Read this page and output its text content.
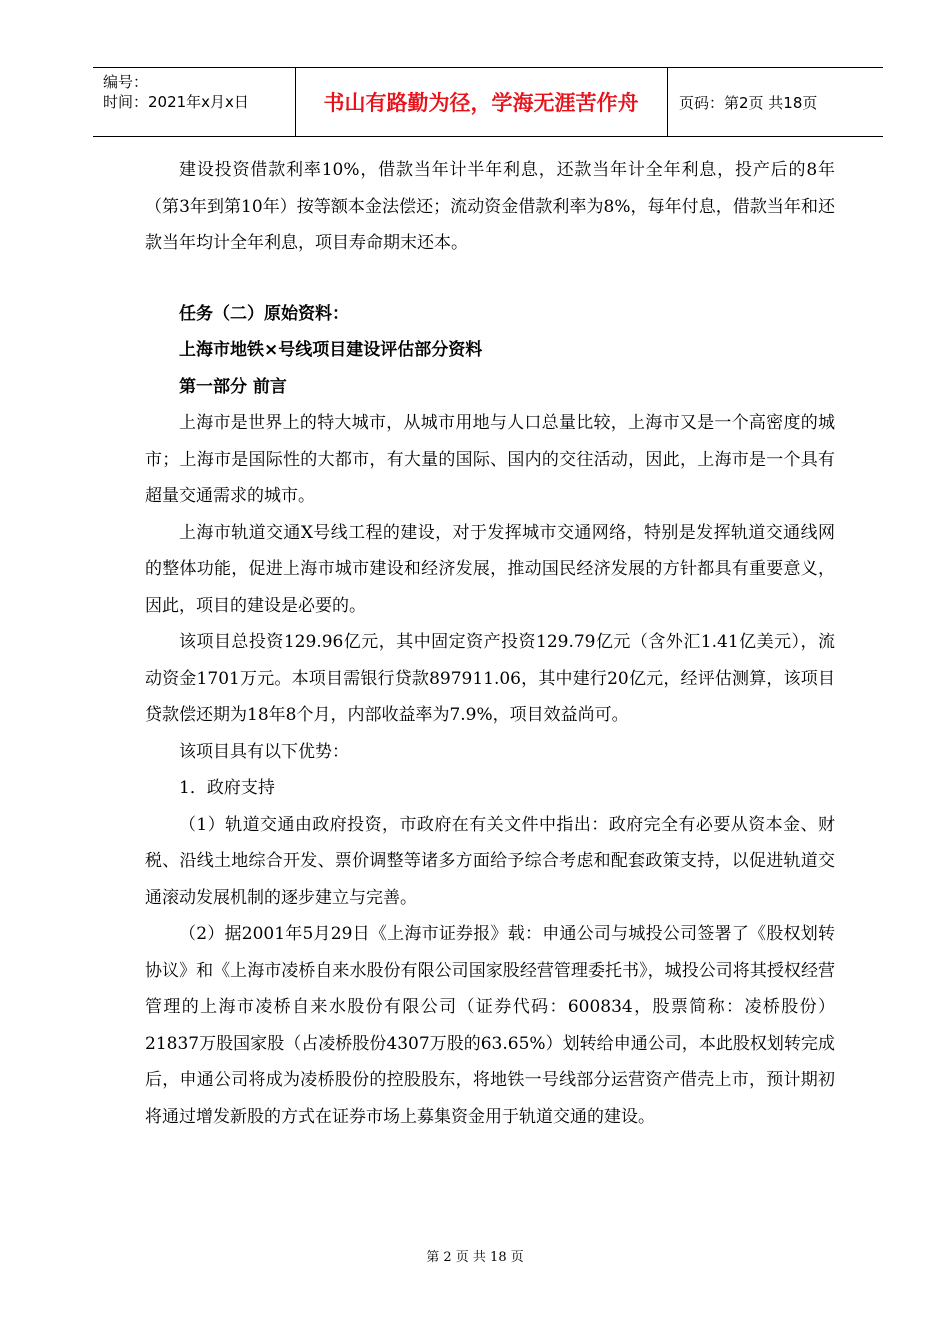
编号：
时间：2021年x月x日	书山有路勤为径，学海无涯苦作舟	页码：第2页 共18页

建设投资借款利率10%，借款当年计半年利息，还款当年计全年利息，投产后的8年（第3年到第10年）按等额本金法偿还；流动资金借款利率为8%，每年付息，借款当年和还款当年均计全年利息，项目寿命期末还本。

任务（二）原始资料：

上海市地铁×号线项目建设评估部分资料

第一部分 前言

上海市是世界上的特大城市，从城市用地与人口总量比较，上海市又是一个高密度的城市；上海市是国际性的大都市，有大量的国际、国内的交往活动，因此，上海市是一个具有超量交通需求的城市。

上海市轨道交通X号线工程的建设，对于发挥城市交通网络，特别是发挥轨道交通线网的整体功能，促进上海市城市建设和经济发展，推动国民经济发展的方针都具有重要意义，因此，项目的建设是必要的。

该项目总投资129.96亿元，其中固定资产投资129.79亿元（含外汇1.41亿美元），流动资金1701万元。本项目需银行贷款897911.06，其中建行20亿元，经评估测算，该项目贷款偿还期为18年8个月，内部收益率为7.9%，项目效益尚可。

该项目具有以下优势：

1．政府支持

（1）轨道交通由政府投资，市政府在有关文件中指出：政府完全有必要从资本金、财税、沿线土地综合开发、票价调整等诸多方面给予综合考虑和配套政策支持，以促进轨道交通滚动发展机制的逐步建立与完善。

（2）据2001年5月29日《上海市证券报》载：申通公司与城投公司签署了《股权划转协议》和《上海市凌桥自来水股份有限公司国家股经营管理委托书》，城投公司将其授权经营管理的上海市凌桥自来水股份有限公司（证券代码：600834，股票简称：凌桥股份）21837万股国家股（占凌桥股份4307万股的63.65%）划转给申通公司，本此股权划转完成后，申通公司将成为凌桥股份的控股股东，将地铁一号线部分运营资产借壳上市，预计期初将通过增发新股的方式在证券市场上募集资金用于轨道交通的建设。

第 2 页 共 18 页
